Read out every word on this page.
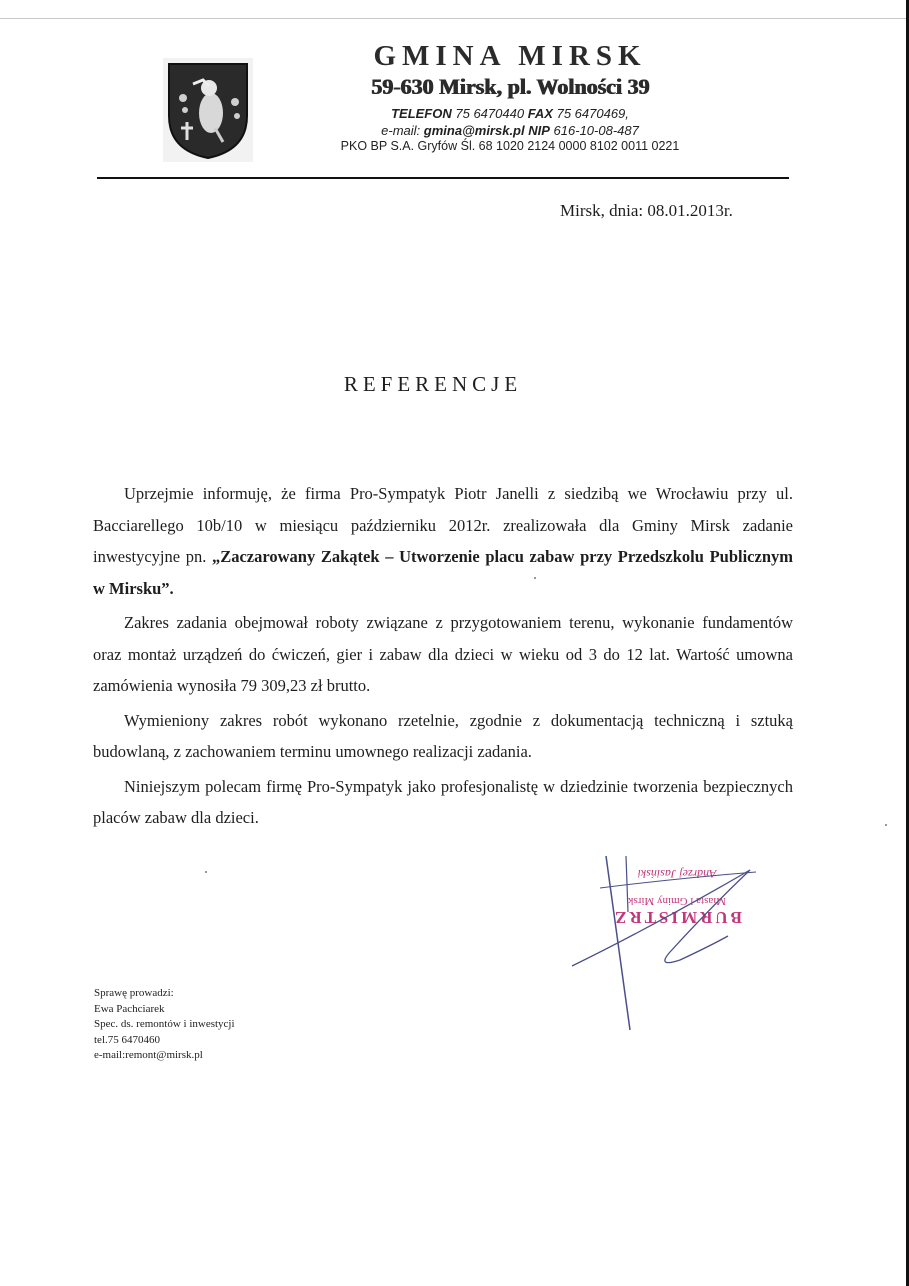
GMINA MIRSK
59-630 Mirsk, pl. Wolności 39
TELEFON 75 6470440 FAX 75 6470469,
e-mail: gmina@mirsk.pl NIP 616-10-08-487
PKO BP S.A. Gryfów Śl. 68 1020 2124 0000 8102 0011 0221
Mirsk, dnia: 08.01.2013r.
REFERENCJE

Uprzejmie informuję, że firma Pro-Sympatyk Piotr Janelli z siedzibą we Wrocławiu przy ul. Bacciarellego 10b/10 w miesiącu październiku 2012r. zrealizowała dla Gminy Mirsk zadanie inwestycyjne pn. „Zaczarowany Zakątek – Utworzenie placu zabaw przy Przedszkolu Publicznym w Mirsku”.

Zakres zadania obejmował roboty związane z przygotowaniem terenu, wykonanie fundamentów oraz montaż urządzeń do ćwiczeń, gier i zabaw dla dzieci w wieku od 3 do 12 lat. Wartość umowna zamówienia wynosiła 79 309,23 zł brutto.

Wymieniony zakres robót wykonano rzetelnie, zgodnie z dokumentacją techniczną i sztuką budowlaną, z zachowaniem terminu umownego realizacji zadania.

Niniejszym polecam firmę Pro-Sympatyk jako profesjonalistę w dziedzinie tworzenia bezpiecznych placów zabaw dla dzieci.

BURMISTRZ
Miasta i Gminy Mirsk
Andrzej Jasiński
Sprawę prowadzi:
Ewa Pachciarek
Spec. ds. remontów i inwestycji
tel.75 6470460
e-mail:remont@mirsk.pl
